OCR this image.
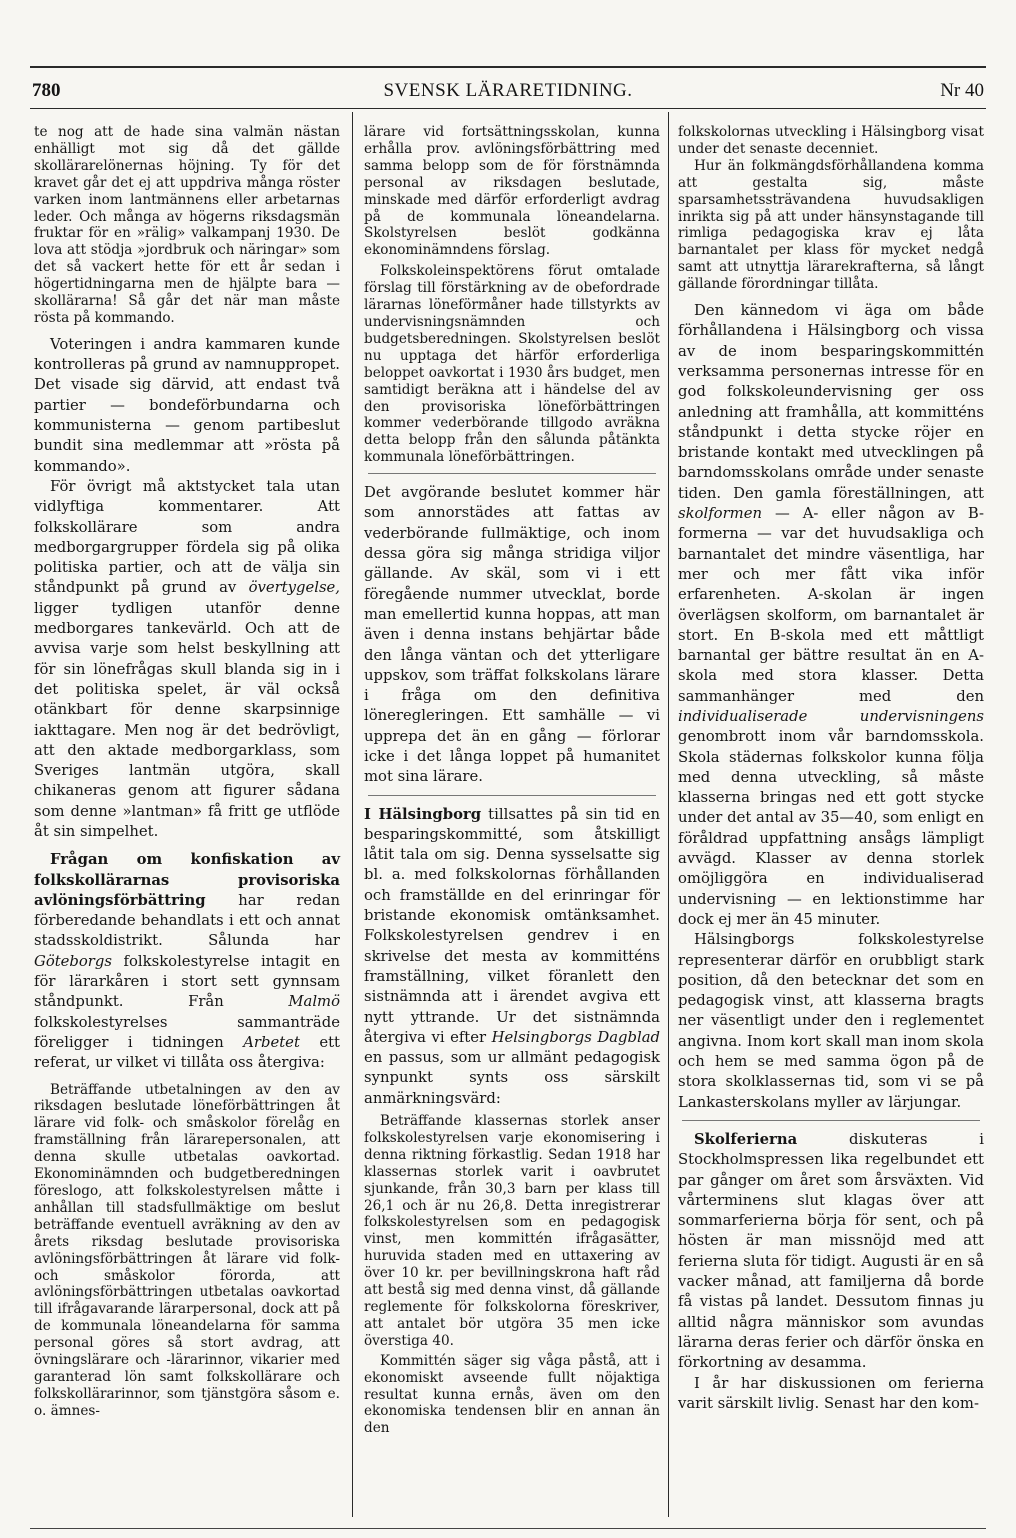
780	SVENSK LÄRARETIDNING.	Nr 40

te nog att de hade sina valmän nästan enhälligt mot sig då det gällde skollärarelönernas höjning. Ty för det kravet går det ej att uppdriva många röster varken inom lantmännens eller arbetarnas leder. Och många av högerns riksdagsmän fruktar för en »rälig» valkampanj 1930. De lova att stödja »jordbruk och näringar» som det så vackert hette för ett år sedan i högertidningarna men de hjälpte bara — skollärarna! Så går det när man måste rösta på kommando.

Voteringen i andra kammaren kunde kontrolleras på grund av namnuppropet. Det visade sig därvid, att endast två partier — bondeförbundarna och kommunisterna — genom partibeslut bundit sina medlemmar att »rösta på kommando».

För övrigt må aktstycket tala utan vidlyftiga kommentarer. Att folkskollärare som andra medborgargrupper fördela sig på olika politiska partier, och att de välja sin ståndpunkt på grund av övertygelse, ligger tydligen utanför denne medborgares tankevärld. Och att de avvisa varje som helst beskyllning att för sin lönefrågas skull blanda sig in i det politiska spelet, är väl också otänkbart för denne skarpsinnige iakttagare. Men nog är det bedrövligt, att den aktade medborgarklass, som Sveriges lantmän utgöra, skall chikaneras genom att figurer sådana som denne »lantman» få fritt ge utflöde åt sin simpelhet.

Frågan om konfiskation av folkskollärarnas provisoriska avlöningsförbättring har redan förberedande behandlats i ett och annat stadsskoldistrikt. Sålunda har Göteborgs folkskolestyrelse intagit en för lärarkåren i stort sett gynnsam ståndpunkt. Från Malmö folkskolestyrelses sammanträde föreligger i tidningen Arbetet ett referat, ur vilket vi tillåta oss återgiva:

Beträffande utbetalningen av den av riksdagen beslutade löneförbättringen åt lärare vid folk- och småskolor förelåg en framställning från lärarepersonalen, att denna skulle utbetalas oavkortad. Ekonominämnden och budgetberedningen föreslogo, att folkskolestyrelsen måtte i anhållan till stadsfullmäktige om beslut beträffande eventuell avräkning av den av årets riksdag beslutade provisoriska avlöningsförbättringen åt lärare vid folk- och småskolor förorda, att avlöningsförbättringen utbetalas oavkortad till ifrågavarande lärarpersonal, dock att på de kommunala löneandelarna för samma personal göres så stort avdrag, att övningslärare och -lärarinnor, vikarier med garanterad lön samt folkskollärare och folkskollärarinnor, som tjänstgöra såsom e. o. ämnes-

lärare vid fortsättningsskolan, kunna erhålla prov. avlöningsförbättring med samma belopp som de för förstnämnda personal av riksdagen beslutade, minskade med därför erforderligt avdrag på de kommunala löneandelarna. Skolstyrelsen beslöt godkänna ekonominämndens förslag.

Folkskoleinspektörens förut omtalade förslag till förstärkning av de obefordrade lärarnas löneförmåner hade tillstyrkts av undervisningsnämnden och budgetsberedningen. Skolstyrelsen beslöt nu upptaga det härför erforderliga beloppet oavkortat i 1930 års budget, men samtidigt beräkna att i händelse del av den provisoriska löneförbättringen kommer vederbörande tillgodo avräkna detta belopp från den sålunda påtänkta kommunala löneförbättringen.

Det avgörande beslutet kommer här som annorstädes att fattas av vederbörande fullmäktige, och inom dessa göra sig många stridiga viljor gällande. Av skäl, som vi i ett föregående nummer utvecklat, borde man emellertid kunna hoppas, att man även i denna instans behjärtar både den långa väntan och det ytterligare uppskov, som träffat folkskolans lärare i fråga om den definitiva löneregleringen. Ett samhälle — vi upprepa det än en gång — förlorar icke i det långa loppet på humanitet mot sina lärare.

I Hälsingborg tillsattes på sin tid en besparingskommitté, som åtskilligt låtit tala om sig. Denna sysselsatte sig bl. a. med folkskolornas förhållanden och framställde en del erinringar för bristande ekonomisk omtänksamhet. Folkskolestyrelsen gendrev i en skrivelse det mesta av kommitténs framställning, vilket föranlett den sistnämnda att i ärendet avgiva ett nytt yttrande. Ur det sistnämnda återgiva vi efter Helsingborgs Dagblad en passus, som ur allmänt pedagogisk synpunkt synts oss särskilt anmärkningsvärd:

Beträffande klassernas storlek anser folkskolestyrelsen varje ekonomisering i denna riktning förkastlig. Sedan 1918 har klassernas storlek varit i oavbrutet sjunkande, från 30,3 barn per klass till 26,1 och är nu 26,8. Detta inregistrerar folkskolestyrelsen som en pedagogisk vinst, men kommittén ifrågasätter, huruvida staden med en uttaxering av över 10 kr. per bevillningskrona haft råd att bestå sig med denna vinst, då gällande reglemente för folkskolorna föreskriver, att antalet bör utgöra 35 men icke överstiga 40.

Kommittén säger sig våga påstå, att i ekonomiskt avseende fullt nöjaktiga resultat kunna ernås, även om den ekonomiska tendensen blir en annan än den

folkskolornas utveckling i Hälsingborg visat under det senaste decenniet.

Hur än folkmängdsförhållandena komma att gestalta sig, måste sparsamhetssträvandena huvudsakligen inrikta sig på att under hänsynstagande till rimliga pedagogiska krav ej låta barnantalet per klass för mycket nedgå samt att utnyttja lärarekrafterna, så långt gällande förordningar tillåta.

Den kännedom vi äga om både förhållandena i Hälsingborg och vissa av de inom besparingskommittén verksamma personernas intresse för en god folkskoleundervisning ger oss anledning att framhålla, att kommitténs ståndpunkt i detta stycke röjer en bristande kontakt med utvecklingen på barndomsskolans område under senaste tiden. Den gamla föreställningen, att skolformen — A- eller någon av B-formerna — var det huvudsakliga och barnantalet det mindre väsentliga, har mer och mer fått vika inför erfarenheten. A-skolan är ingen överlägsen skolform, om barnantalet är stort. En B-skola med ett måttligt barnantal ger bättre resultat än en A-skola med stora klasser. Detta sammanhänger med den individualiserade undervisningens genombrott inom vår barndomsskola. Skola städernas folkskolor kunna följa med denna utveckling, så måste klasserna bringas ned ett gott stycke under det antal av 35—40, som enligt en föråldrad uppfattning ansågs lämpligt avvägd. Klasser av denna storlek omöjliggöra en individualiserad undervisning — en lektionstimme har dock ej mer än 45 minuter.

Hälsingborgs folkskolestyrelse representerar därför en orubbligt stark position, då den betecknar det som en pedagogisk vinst, att klasserna bragts ner väsentligt under den i reglementet angivna. Inom kort skall man inom skola och hem se med samma ögon på de stora skolklassernas tid, som vi se på Lankasterskolans myller av lärjungar.

Skolferierna diskuteras i Stockholmspressen lika regelbundet ett par gånger om året som årsväxten. Vid vårterminens slut klagas över att sommarferierna börja för sent, och på hösten är man missnöjd med att ferierna sluta för tidigt. Augusti är en så vacker månad, att familjerna då borde få vistas på landet. Dessutom finnas ju alltid några människor som avundas lärarna deras ferier och därför önska en förkortning av desamma.

I år har diskussionen om ferierna varit särskilt livlig. Senast har den kom-
